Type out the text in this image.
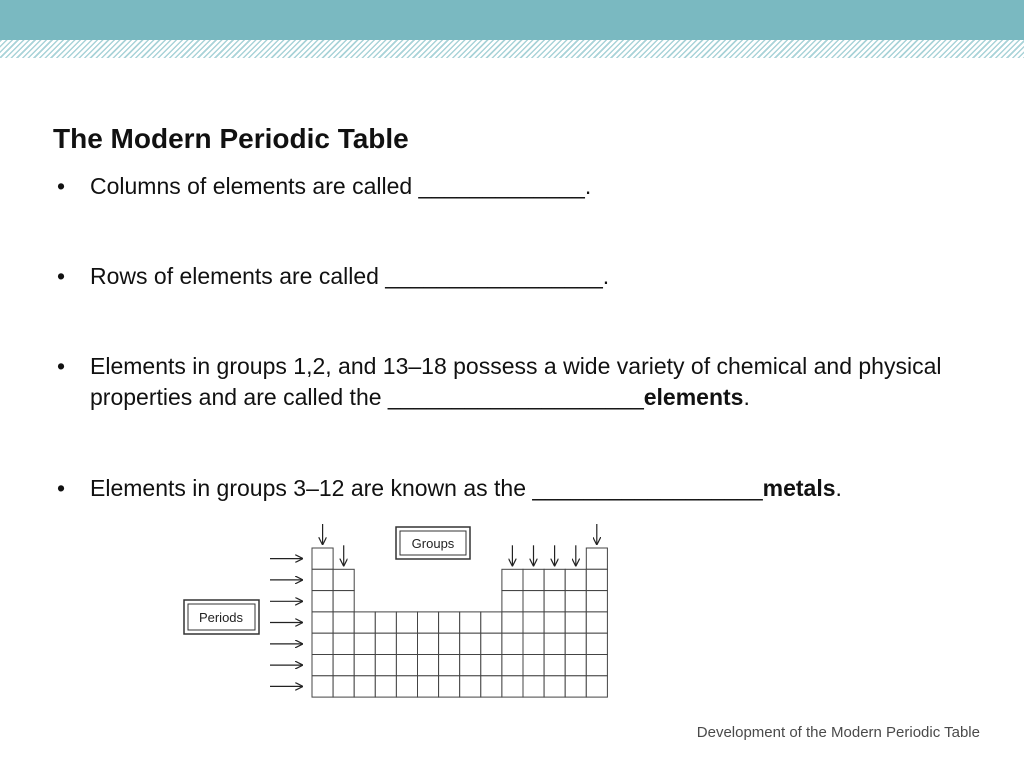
The Modern Periodic Table
• Columns of elements are called _____________.
• Rows of elements are called _________________.
• Elements in groups 1,2, and 13–18 possess a wide variety of chemical and physical properties and are called the ____________________elements.
• Elements in groups 3–12 are known as the __________________metals.
Groups
Periods
Development of the Modern Periodic Table
